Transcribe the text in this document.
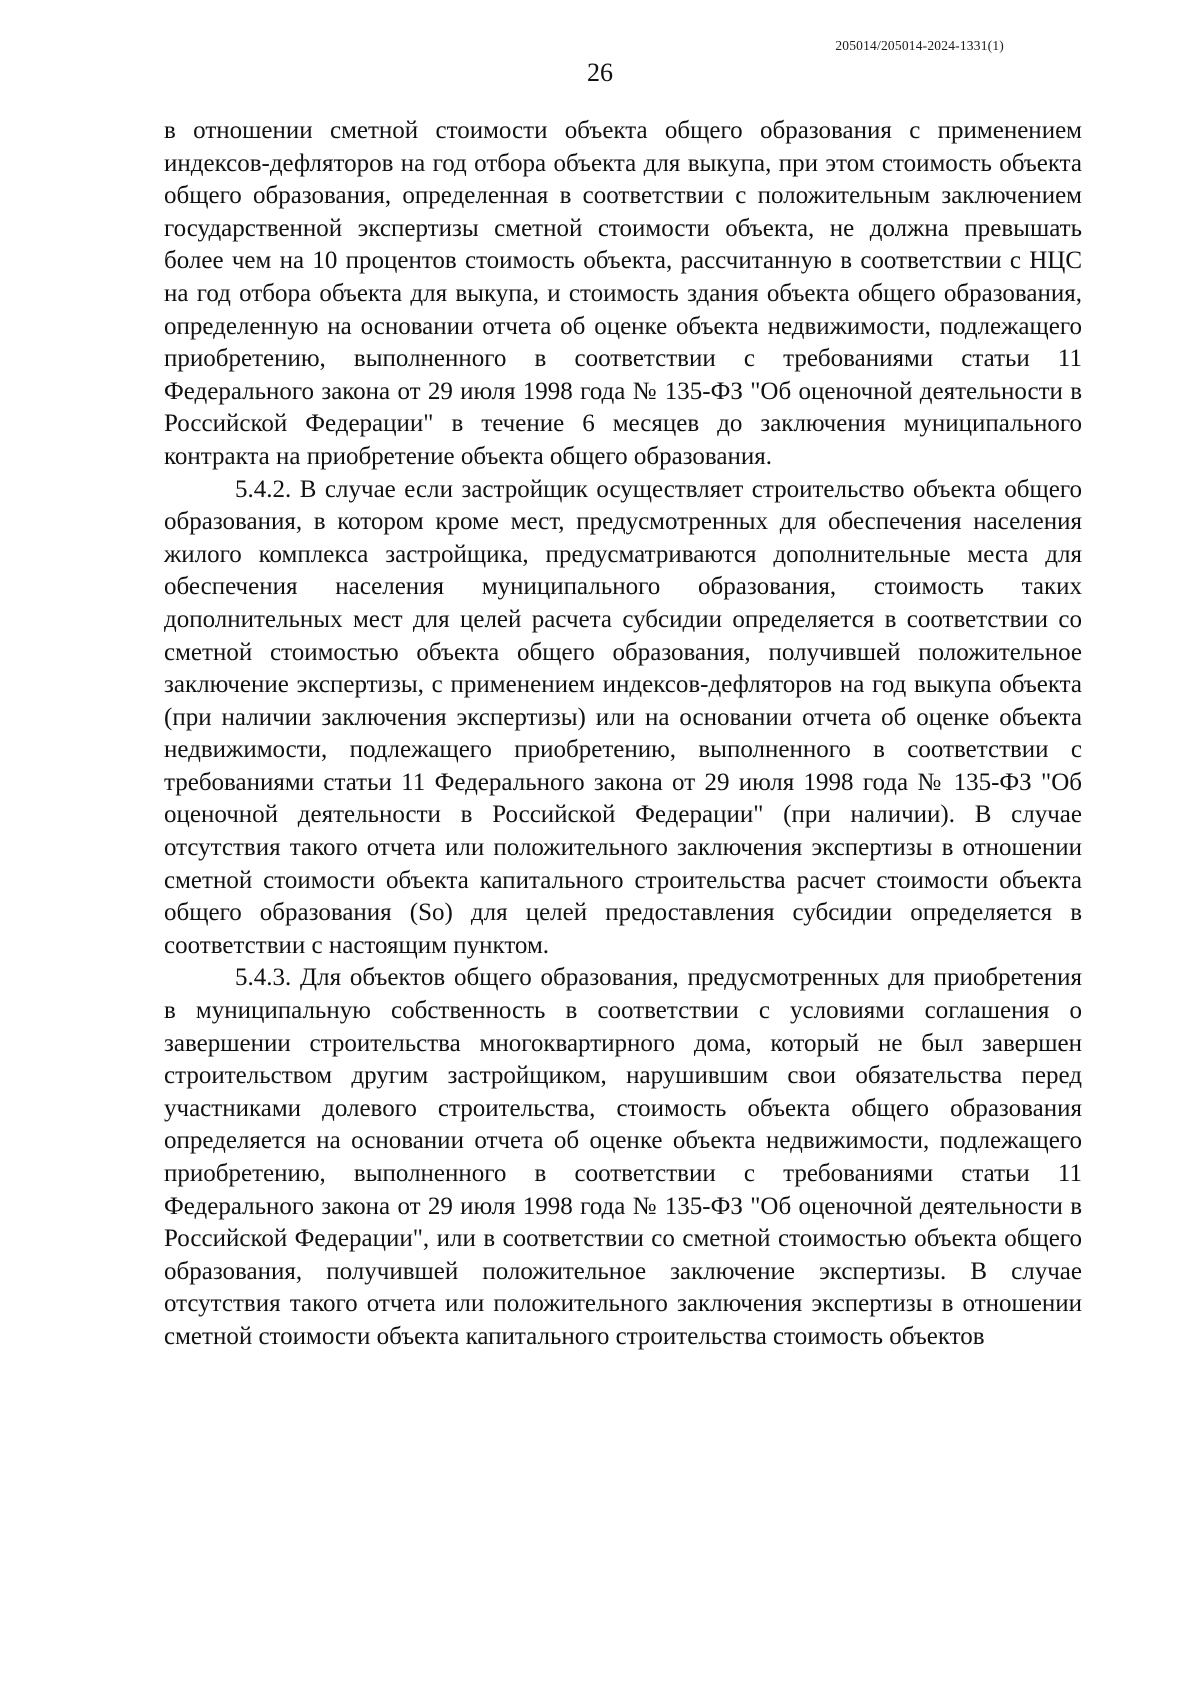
205014/205014-2024-1331(1)
26

в отношении сметной стоимости объекта общего образования с применением индексов-дефляторов на год отбора объекта для выкупа, при этом стоимость объекта общего образования, определенная в соответствии с положительным заключением государственной экспертизы сметной стоимости объекта, не должна превышать более чем на 10 процентов стоимость объекта, рассчитанную в соответствии с НЦС на год отбора объекта для выкупа, и стоимость здания объекта общего образования, определенную на основании отчета об оценке объекта недвижимости, подлежащего приобретению, выполненного в соответствии с требованиями статьи 11 Федерального закона от 29 июля 1998 года № 135-ФЗ "Об оценочной деятельности в Российской Федерации" в течение 6 месяцев до заключения муниципального контракта на приобретение объекта общего образования.

5.4.2. В случае если застройщик осуществляет строительство объекта общего образования, в котором кроме мест, предусмотренных для обеспечения населения жилого комплекса застройщика, предусматриваются дополнительные места для обеспечения населения муниципального образования, стоимость таких дополнительных мест для целей расчета субсидии определяется в соответствии со сметной стоимостью объекта общего образования, получившей положительное заключение экспертизы, с применением индексов-дефляторов на год выкупа объекта (при наличии заключения экспертизы) или на основании отчета об оценке объекта недвижимости, подлежащего приобретению, выполненного в соответствии с требованиями статьи 11 Федерального закона от 29 июля 1998 года № 135-ФЗ "Об оценочной деятельности в Российской Федерации" (при наличии). В случае отсутствия такого отчета или положительного заключения экспертизы в отношении сметной стоимости объекта капитального строительства расчет стоимости объекта общего образования (So) для целей предоставления субсидии определяется в соответствии с настоящим пунктом.

5.4.3. Для объектов общего образования, предусмотренных для приобретения в муниципальную собственность в соответствии с условиями соглашения о завершении строительства многоквартирного дома, который не был завершен строительством другим застройщиком, нарушившим свои обязательства перед участниками долевого строительства, стоимость объекта общего образования определяется на основании отчета об оценке объекта недвижимости, подлежащего приобретению, выполненного в соответствии с требованиями статьи 11 Федерального закона от 29 июля 1998 года № 135-ФЗ "Об оценочной деятельности в Российской Федерации", или в соответствии со сметной стоимостью объекта общего образования, получившей положительное заключение экспертизы. В случае отсутствия такого отчета или положительного заключения экспертизы в отношении сметной стоимости объекта капитального строительства стоимость объектов
